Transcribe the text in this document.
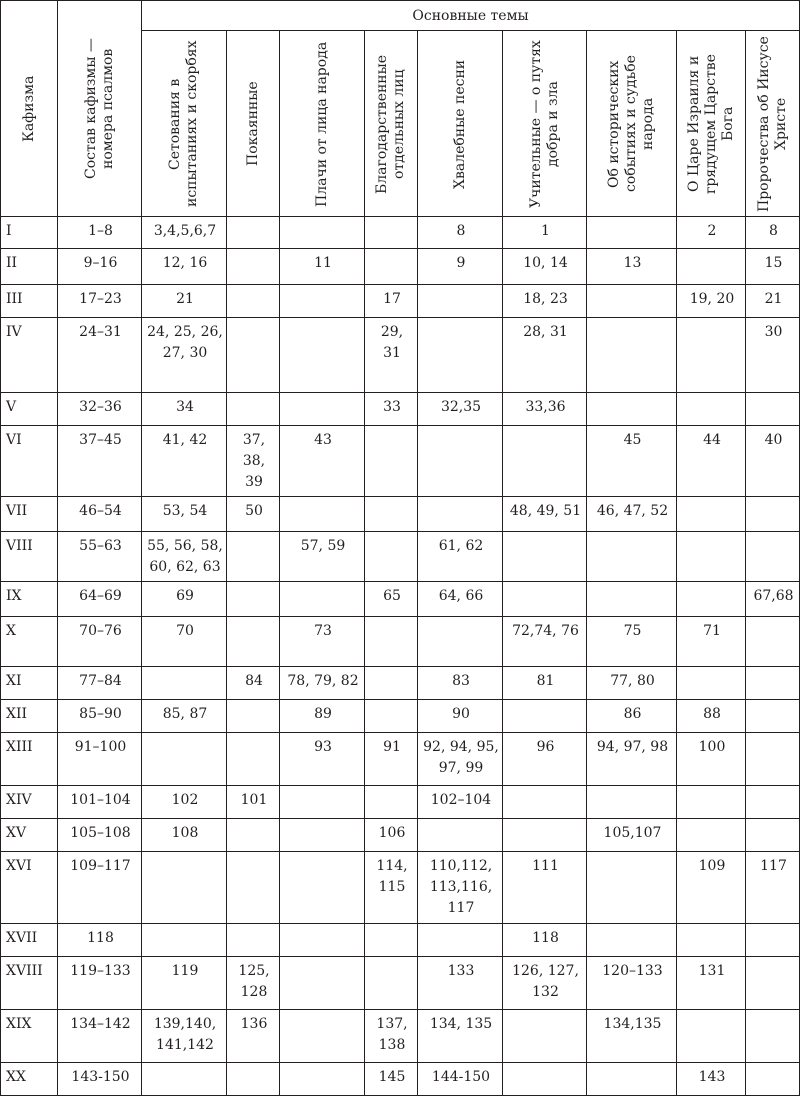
Кафизма	Состав кафизмы — номера псалмов	Основные темы								

		Сетования в испытаниях и скорбях	Покаянные	Плачи от лица народа	Благодарственные отдельных лиц	Хвалебные песни	Учительные — о путях добра и зла	Об исторических событиях и судьбе народа	О Царе Израиля и грядущем Царстве Бога	Пророчества об Иисусе Христе

I	1–8	3,4,5,6,7				8	1		2	8
II	9–16	12, 16		11		9	10, 14	13		15
III	17–23	21			17		18, 23		19, 20	21
IV	24–31	24, 25, 26, 27, 30			29, 31		28, 31			30
V	32–36	34			33	32,35	33,36			
VI	37–45	41, 42	37, 38, 39	43				45	44	40
VII	46–54	53, 54	50				48, 49, 51	46, 47, 52		
VIII	55–63	55, 56, 58, 60, 62, 63		57, 59		61, 62				
IX	64–69	69			65	64, 66				67,68
X	70–76	70		73			72,74, 76	75	71	
XI	77–84		84	78, 79, 82		83	81	77, 80		
XII	85–90	85, 87		89		90		86	88	
XIII	91–100			93	91	92, 94, 95, 97, 99	96	94, 97, 98	100	
XIV	101–104	102	101			102–104				
XV	105–108	108			106			105,107		
XVI	109–117				114, 115	110,112, 113,116, 117	111		109	117
XVII	118						118			
XVIII	119–133	119	125, 128			133	126, 127, 132	120–133	131	
XIX	134–142	139,140, 141,142	136		137, 138	134, 135		134,135		
XX	143-150				145	144-150			143	
